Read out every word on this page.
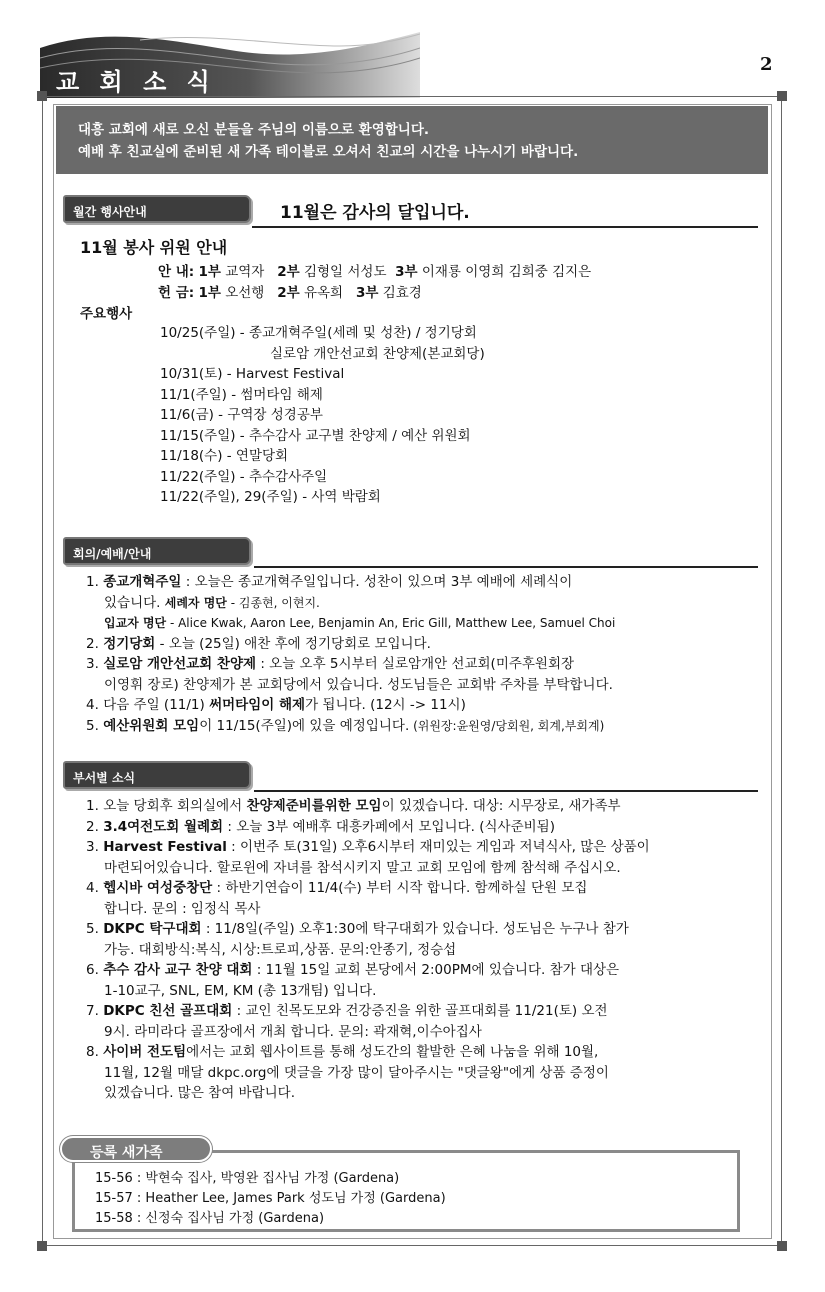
교 회 소 식
2
대흥 교회에 새로 오신 분들을 주님의 이름으로 환영합니다.
예배 후 친교실에 준비된 새 가족 테이블로 오셔서 친교의 시간을 나누시기 바랍니다.
월간 행사안내	11월은 감사의 달입니다.
11월 봉사 위원 안내
안 내: 1부 교역자 2부 김형일 서성도 3부 이재룡 이영희 김희중 김지은
헌 금: 1부 오선행 2부 유옥희 3부 김효경
주요행사
10/25(주일) - 종교개혁주일(세례 및 성찬) / 정기당회
실로암 개안선교회 찬양제(본교회당)
10/31(토) - Harvest Festival
11/1(주일) - 썸머타임 해제
11/6(금) - 구역장 성경공부
11/15(주일) - 추수감사 교구별 찬양제 / 예산 위원회
11/18(수) - 연말당회
11/22(주일) - 추수감사주일
11/22(주일), 29(주일) - 사역 박람회
회의/예배/안내
1. 종교개혁주일 : 오늘은 종교개혁주일입니다. 성찬이 있으며 3부 예배에 세례식이
있습니다. 세례자 명단 - 김종현, 이현지.
입교자 명단 - Alice Kwak, Aaron Lee, Benjamin An, Eric Gill, Matthew Lee, Samuel Choi
2. 정기당회 - 오늘 (25일) 애찬 후에 정기당회로 모입니다.
3. 실로암 개안선교회 찬양제 : 오늘 오후 5시부터 실로암개안 선교회(미주후원회장
이영휘 장로) 찬양제가 본 교회당에서 있습니다. 성도님들은 교회밖 주차를 부탁합니다.
4. 다음 주일 (11/1) 써머타임이 해제가 됩니다. (12시 -> 11시)
5. 예산위원회 모임이 11/15(주일)에 있을 예정입니다. (위원장:윤원영/당회원, 회계,부회계)
부서별 소식
1. 오늘 당회후 회의실에서 찬양제준비를위한 모임이 있겠습니다. 대상: 시무장로, 새가족부
2. 3.4여전도회 월례회 : 오늘 3부 예배후 대흥카페에서 모입니다. (식사준비됨)
3. Harvest Festival : 이번주 토(31일) 오후6시부터 재미있는 게임과 저녁식사, 많은 상품이
마련되어있습니다. 할로윈에 자녀를 참석시키지 말고 교회 모임에 함께 참석해 주십시오.
4. 헵시바 여성중창단 : 하반기연습이 11/4(수) 부터 시작 합니다. 함께하실 단원 모집
합니다. 문의 : 임정식 목사
5. DKPC 탁구대회 : 11/8일(주일) 오후1:30에 탁구대회가 있습니다. 성도님은 누구나 참가
가능. 대회방식:복식, 시상:트로피,상품. 문의:안종기, 정승섭
6. 추수 감사 교구 찬양 대회 : 11월 15일 교회 본당에서 2:00PM에 있습니다. 참가 대상은
1-10교구, SNL, EM, KM (총 13개팀) 입니다.
7. DKPC 친선 골프대회 : 교인 친목도모와 건강증진을 위한 골프대회를 11/21(토) 오전
9시. 라미라다 골프장에서 개최 합니다. 문의: 곽재혁,이수아집사
8. 사이버 전도팀에서는 교회 웹사이트를 통해 성도간의 활발한 은혜 나눔을 위해 10월,
11월, 12월 매달 dkpc.org에 댓글을 가장 많이 달아주시는 "댓글왕"에게 상품 증정이
있겠습니다. 많은 참여 바랍니다.
15-56 : 박현숙 집사, 박영완 집사님 가정 (Gardena)
15-57 : Heather Lee, James Park 성도님 가정 (Gardena)
15-58 : 신정숙 집사님 가정 (Gardena)
등록 새가족
